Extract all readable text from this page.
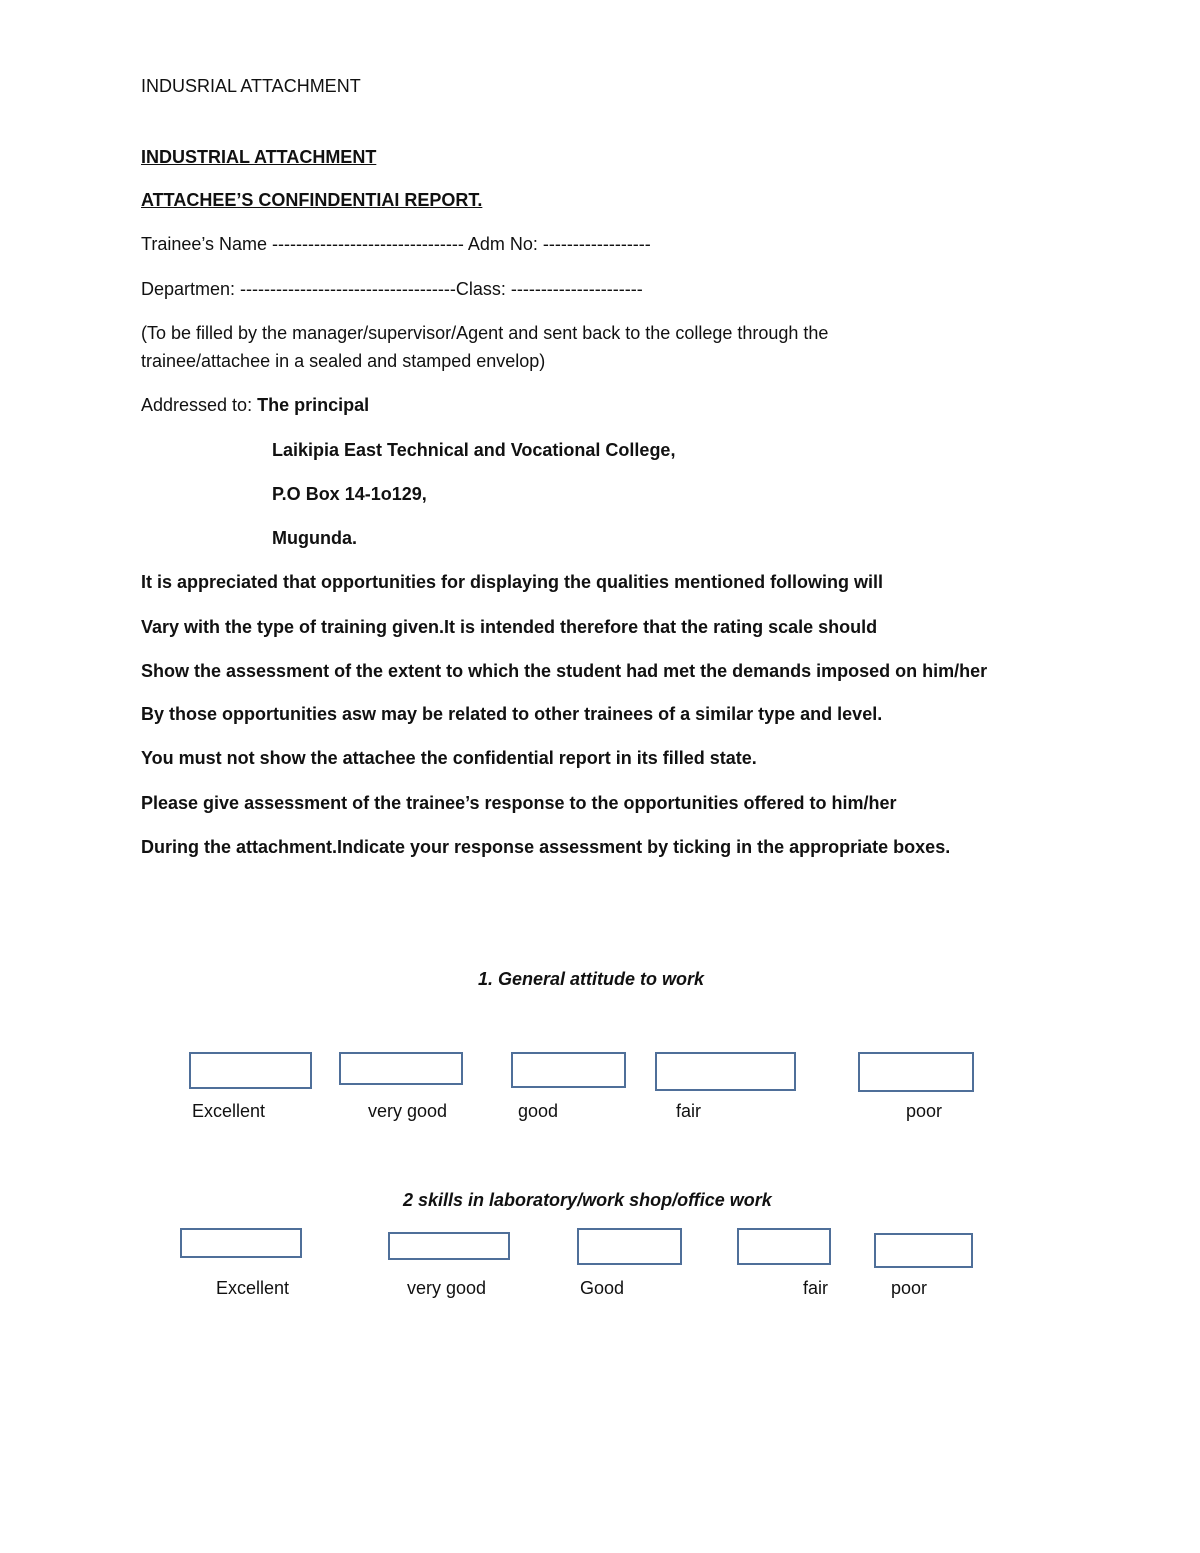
INDUSRIAL ATTACHMENT
INDUSTRIAL ATTACHMENT
ATTACHEE’S CONFINDENTIAI REPORT.
Trainee’s Name -------------------------------- Adm No: ------------------
Departmen: ------------------------------------Class: ----------------------
(To be filled by the manager/supervisor/Agent and sent back to the college through the
trainee/attachee in a sealed and stamped envelop)
Addressed to: The principal
Laikipia East Technical and Vocational College,
P.O Box 14-1o129,
Mugunda.
It is appreciated that opportunities for displaying the qualities mentioned following will
Vary with the type of training given.It is intended therefore that the rating scale should
Show the assessment of the extent to which the student had met the demands imposed on him/her
By those opportunities asw may be related to other trainees of a similar type and level.
You must not show the attachee the confidential report in its filled state.
Please give assessment of the trainee’s response to the opportunities offered to him/her
During the attachment.Indicate your response assessment by ticking in the appropriate boxes.
1. General attitude to work
Excellent	very good	good	fair	poor
2 skills in laboratory/work shop/office work
Excellent	very good	Good	fair	poor
